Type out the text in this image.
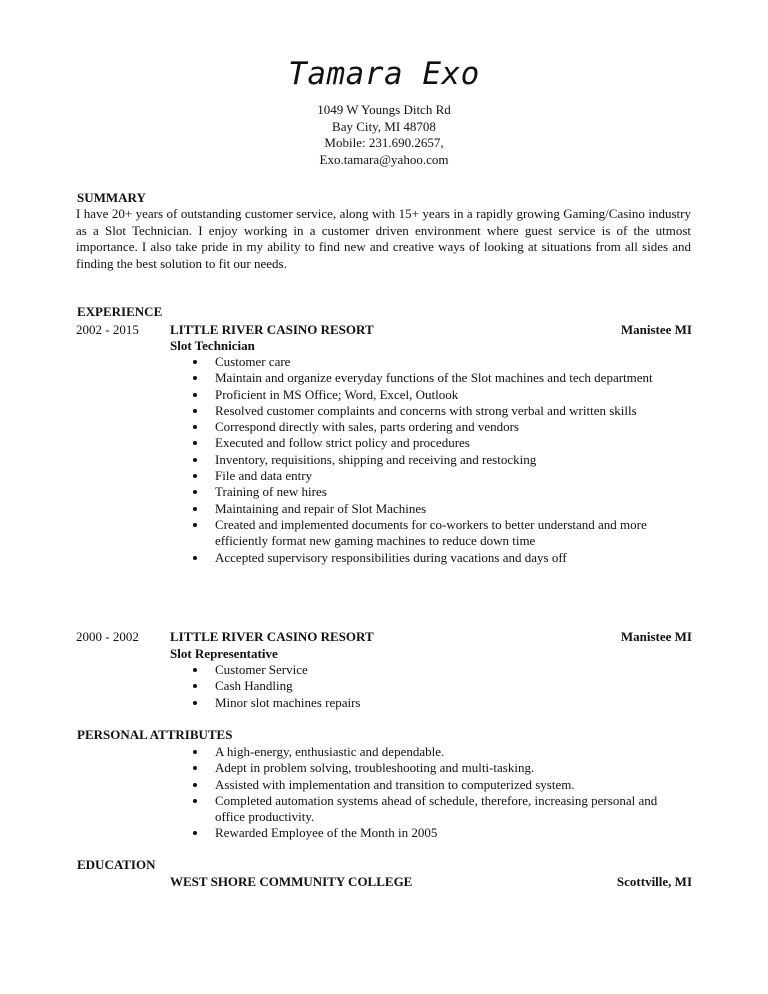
Tamara Exo
1049 W Youngs Ditch Rd
Bay City, MI 48708
Mobile: 231.690.2657,
Exo.tamara@yahoo.com
SUMMARY
I have 20+ years of outstanding customer service, along with 15+ years in a rapidly growing Gaming/Casino industry as a Slot Technician. I enjoy working in a customer driven environment where guest service is of the utmost importance. I also take pride in my ability to find new and creative ways of looking at situations from all sides and finding the best solution to fit our needs.
EXPERIENCE
2002 - 2015 LITTLE RIVER CASINO RESORT	Manistee MI
Slot Technician
Customer care
Maintain and organize everyday functions of the Slot machines and tech department
Proficient in MS Office; Word, Excel, Outlook
Resolved customer complaints and concerns with strong verbal and written skills
Correspond directly with sales, parts ordering and vendors
Executed and follow strict policy and procedures
Inventory, requisitions, shipping and receiving and restocking
File and data entry
Training of new hires
Maintaining and repair of Slot Machines
Created and implemented documents for co-workers to better understand and more efficiently format new gaming machines to reduce down time
Accepted supervisory responsibilities during vacations and days off
2000 - 2002 LITTLE RIVER CASINO RESORT	Manistee MI
Slot Representative
Customer Service
Cash Handling
Minor slot machines repairs
PERSONAL ATTRIBUTES
A high-energy, enthusiastic and dependable.
Adept in problem solving, troubleshooting and multi-tasking.
Assisted with implementation and transition to computerized system.
Completed automation systems ahead of schedule, therefore, increasing personal and office productivity.
Rewarded Employee of the Month in 2005
EDUCATION
WEST SHORE COMMUNITY COLLEGE	Scottville, MI
